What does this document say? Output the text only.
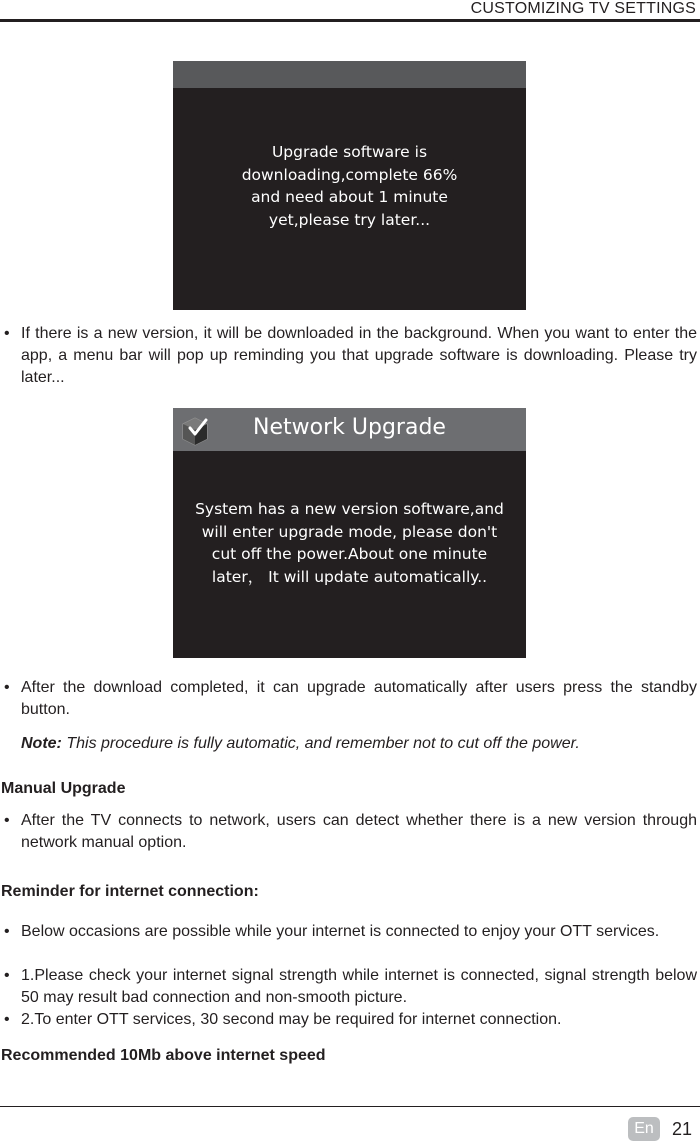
CUSTOMIZING TV SETTINGS
Upgrade software is
downloading,complete 66%
and need about 1 minute
yet,please try later...
• If there is a new version, it will be downloaded in the background. When you want to enter the app, a menu bar will pop up reminding you that upgrade software is downloading. Please try later...
Network Upgrade
System has a new version software,and
will enter upgrade mode, please don't
cut off the power.About one minute
later， It will update automatically..
• After the download completed, it can upgrade automatically after users press the standby button.
Note: This procedure is fully automatic, and remember not to cut off the power.
Manual Upgrade
• After the TV connects to network, users can detect whether there is a new version through network manual option.
Reminder for internet connection:
• Below occasions are possible while your internet is connected to enjoy your OTT services.
• 1.Please check your internet signal strength while internet is connected, signal strength below 50 may result bad connection and non-smooth picture.
• 2.To enter OTT services, 30 second may be required for internet connection.
Recommended 10Mb above internet speed
En	21
